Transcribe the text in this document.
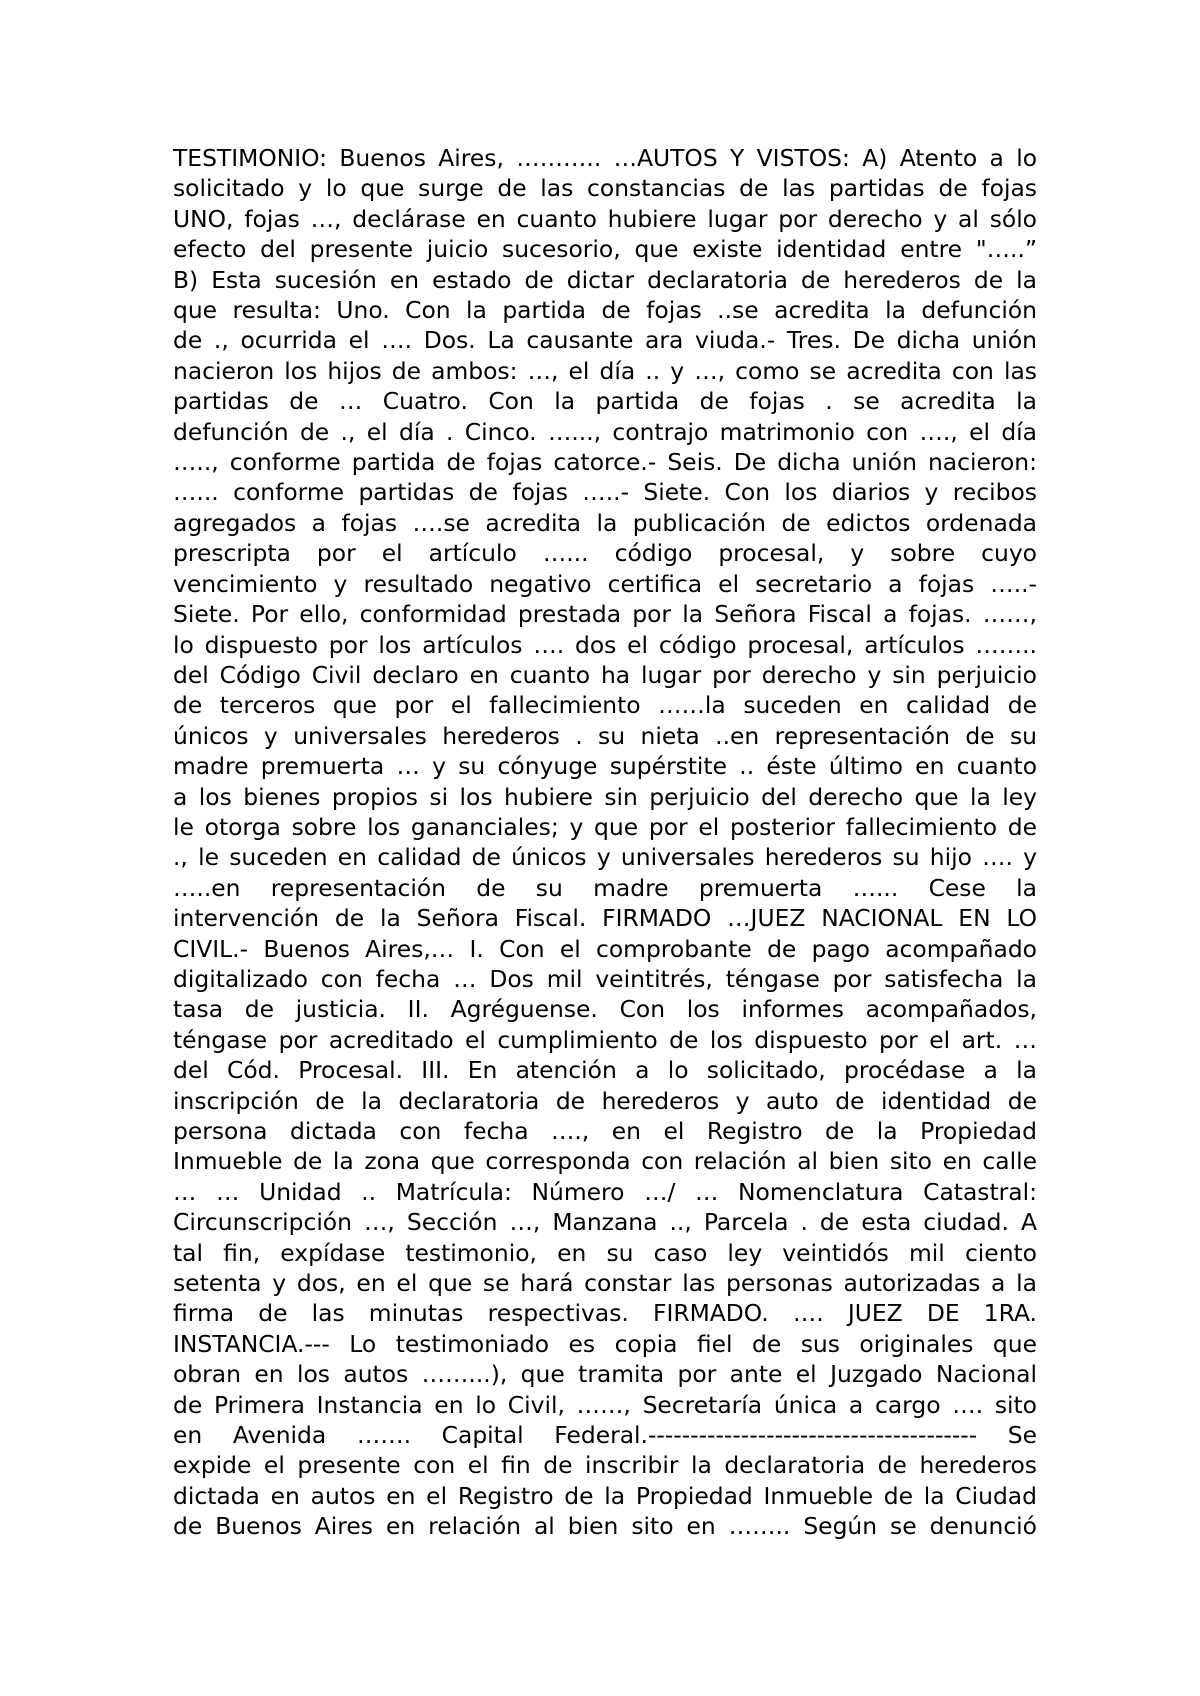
TESTIMONIO: Buenos Aires, ……….. …AUTOS Y VISTOS: A) Atento a lo
solicitado y lo que surge de las constancias de las partidas de fojas
UNO, fojas …, declárase en cuanto hubiere lugar por derecho y al sólo
efecto del presente juicio sucesorio, que existe identidad entre "…..”
B) Esta sucesión en estado de dictar declaratoria de herederos de la
que resulta: Uno. Con la partida de fojas ..se acredita la defunción
de ., ocurrida el …. Dos. La causante ara viuda.- Tres. De dicha unión
nacieron los hijos de ambos: …, el día .. y …, como se acredita con las
partidas de … Cuatro. Con la partida de fojas . se acredita la
defunción de ., el día . Cinco. …..., contrajo matrimonio con …., el día
….., conforme partida de fojas catorce.- Seis. De dicha unión nacieron:
…... conforme partidas de fojas …..- Siete. Con los diarios y recibos
agregados a fojas ….se acredita la publicación de edictos ordenada
prescripta por el artículo …... código procesal, y sobre cuyo
vencimiento y resultado negativo certifica el secretario a fojas …..-
Siete. Por ello, conformidad prestada por la Señora Fiscal a fojas. ……,
lo dispuesto por los artículos …. dos el código procesal, artículos ……..
del Código Civil declaro en cuanto ha lugar por derecho y sin perjuicio
de terceros que por el fallecimiento ……la suceden en calidad de
únicos y universales herederos . su nieta ..en representación de su
madre premuerta … y su cónyuge supérstite .. éste último en cuanto
a los bienes propios si los hubiere sin perjuicio del derecho que la ley
le otorga sobre los gananciales; y que por el posterior fallecimiento de
., le suceden en calidad de únicos y universales herederos su hijo …. y
…..en representación de su madre premuerta …... Cese la
intervención de la Señora Fiscal. FIRMADO …JUEZ NACIONAL EN LO
CIVIL.- Buenos Aires,… I. Con el comprobante de pago acompañado
digitalizado con fecha … Dos mil veintitrés, téngase por satisfecha la
tasa de justicia. II. Agréguense. Con los informes acompañados,
téngase por acreditado el cumplimiento de los dispuesto por el art. …
del Cód. Procesal. III. En atención a lo solicitado, procédase a la
inscripción de la declaratoria de herederos y auto de identidad de
persona dictada con fecha …., en el Registro de la Propiedad
Inmueble de la zona que corresponda con relación al bien sito en calle
… … Unidad .. Matrícula: Número …/ … Nomenclatura Catastral:
Circunscripción …, Sección …, Manzana .., Parcela . de esta ciudad. A
tal fin, expídase testimonio, en su caso ley veintidós mil ciento
setenta y dos, en el que se hará constar las personas autorizadas a la
firma de las minutas respectivas. FIRMADO. …. JUEZ DE 1RA.
INSTANCIA.--- Lo testimoniado es copia fiel de sus originales que
obran en los autos ……...), que tramita por ante el Juzgado Nacional
de Primera Instancia en lo Civil, ……, Secretaría única a cargo …. sito
en Avenida ……. Capital Federal.--------------------------------------- Se
expide el presente con el fin de inscribir la declaratoria de herederos
dictada en autos en el Registro de la Propiedad Inmueble de la Ciudad
de Buenos Aires en relación al bien sito en …….. Según se denunció
